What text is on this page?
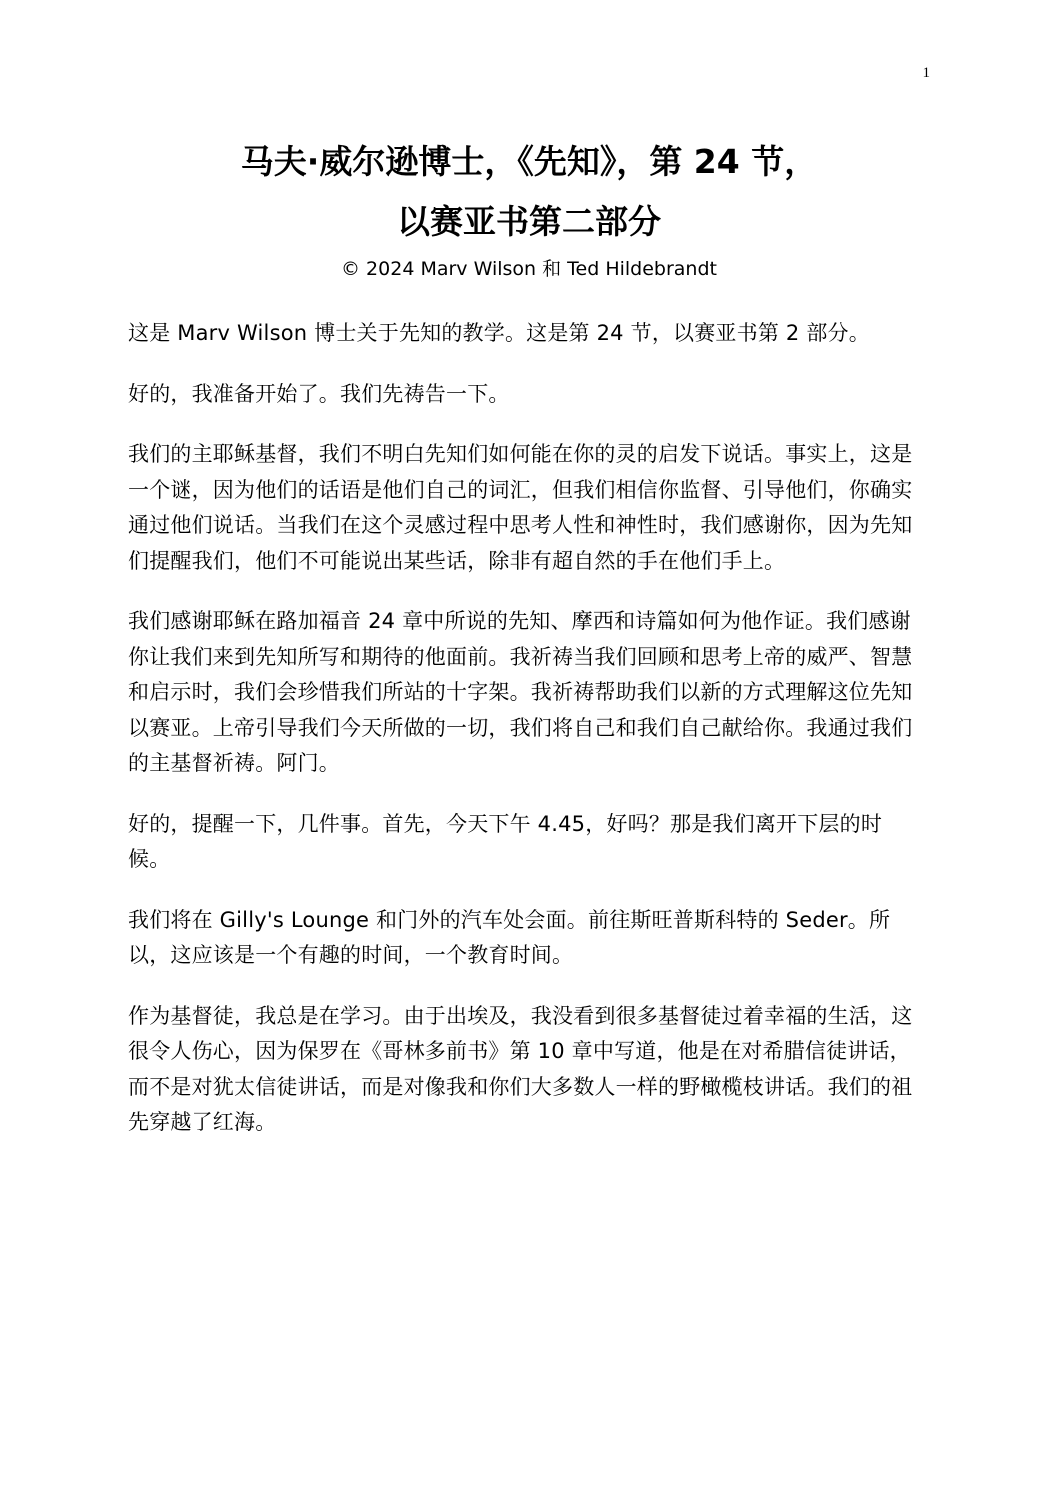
1
马夫·威尔逊博士，《先知》，第 24 节，
以赛亚书第二部分
© 2024 Marv Wilson 和 Ted Hildebrandt

这是 Marv Wilson 博士关于先知的教学。这是第 24 节，以赛亚书第 2 部分。

好的，我准备开始了。我们先祷告一下。

我们的主耶稣基督，我们不明白先知们如何能在你的灵的启发下说话。事实上，这是一个谜，因为他们的话语是他们自己的词汇，但我们相信你监督、引导他们，你确实通过他们说话。当我们在这个灵感过程中思考人性和神性时，我们感谢你，因为先知们提醒我们，他们不可能说出某些话，除非有超自然的手在他们手上。

我们感谢耶稣在路加福音 24 章中所说的先知、摩西和诗篇如何为他作证。我们感谢你让我们来到先知所写和期待的他面前。我祈祷当我们回顾和思考上帝的威严、智慧和启示时，我们会珍惜我们所站的十字架。我祈祷帮助我们以新的方式理解这位先知以赛亚。上帝引导我们今天所做的一切，我们将自己和我们自己献给你。我通过我们的主基督祈祷。阿门。

好的，提醒一下，几件事。首先，今天下午 4.45，好吗？那是我们离开下层的时候。

我们将在 Gilly's Lounge 和门外的汽车处会面。前往斯旺普斯科特的 Seder。所以，这应该是一个有趣的时间，一个教育时间。

作为基督徒，我总是在学习。由于出埃及，我没看到很多基督徒过着幸福的生活，这很令人伤心，因为保罗在《哥林多前书》第 10 章中写道，他是在对希腊信徒讲话，而不是对犹太信徒讲话，而是对像我和你们大多数人一样的野橄榄枝讲话。我们的祖先穿越了红海。
